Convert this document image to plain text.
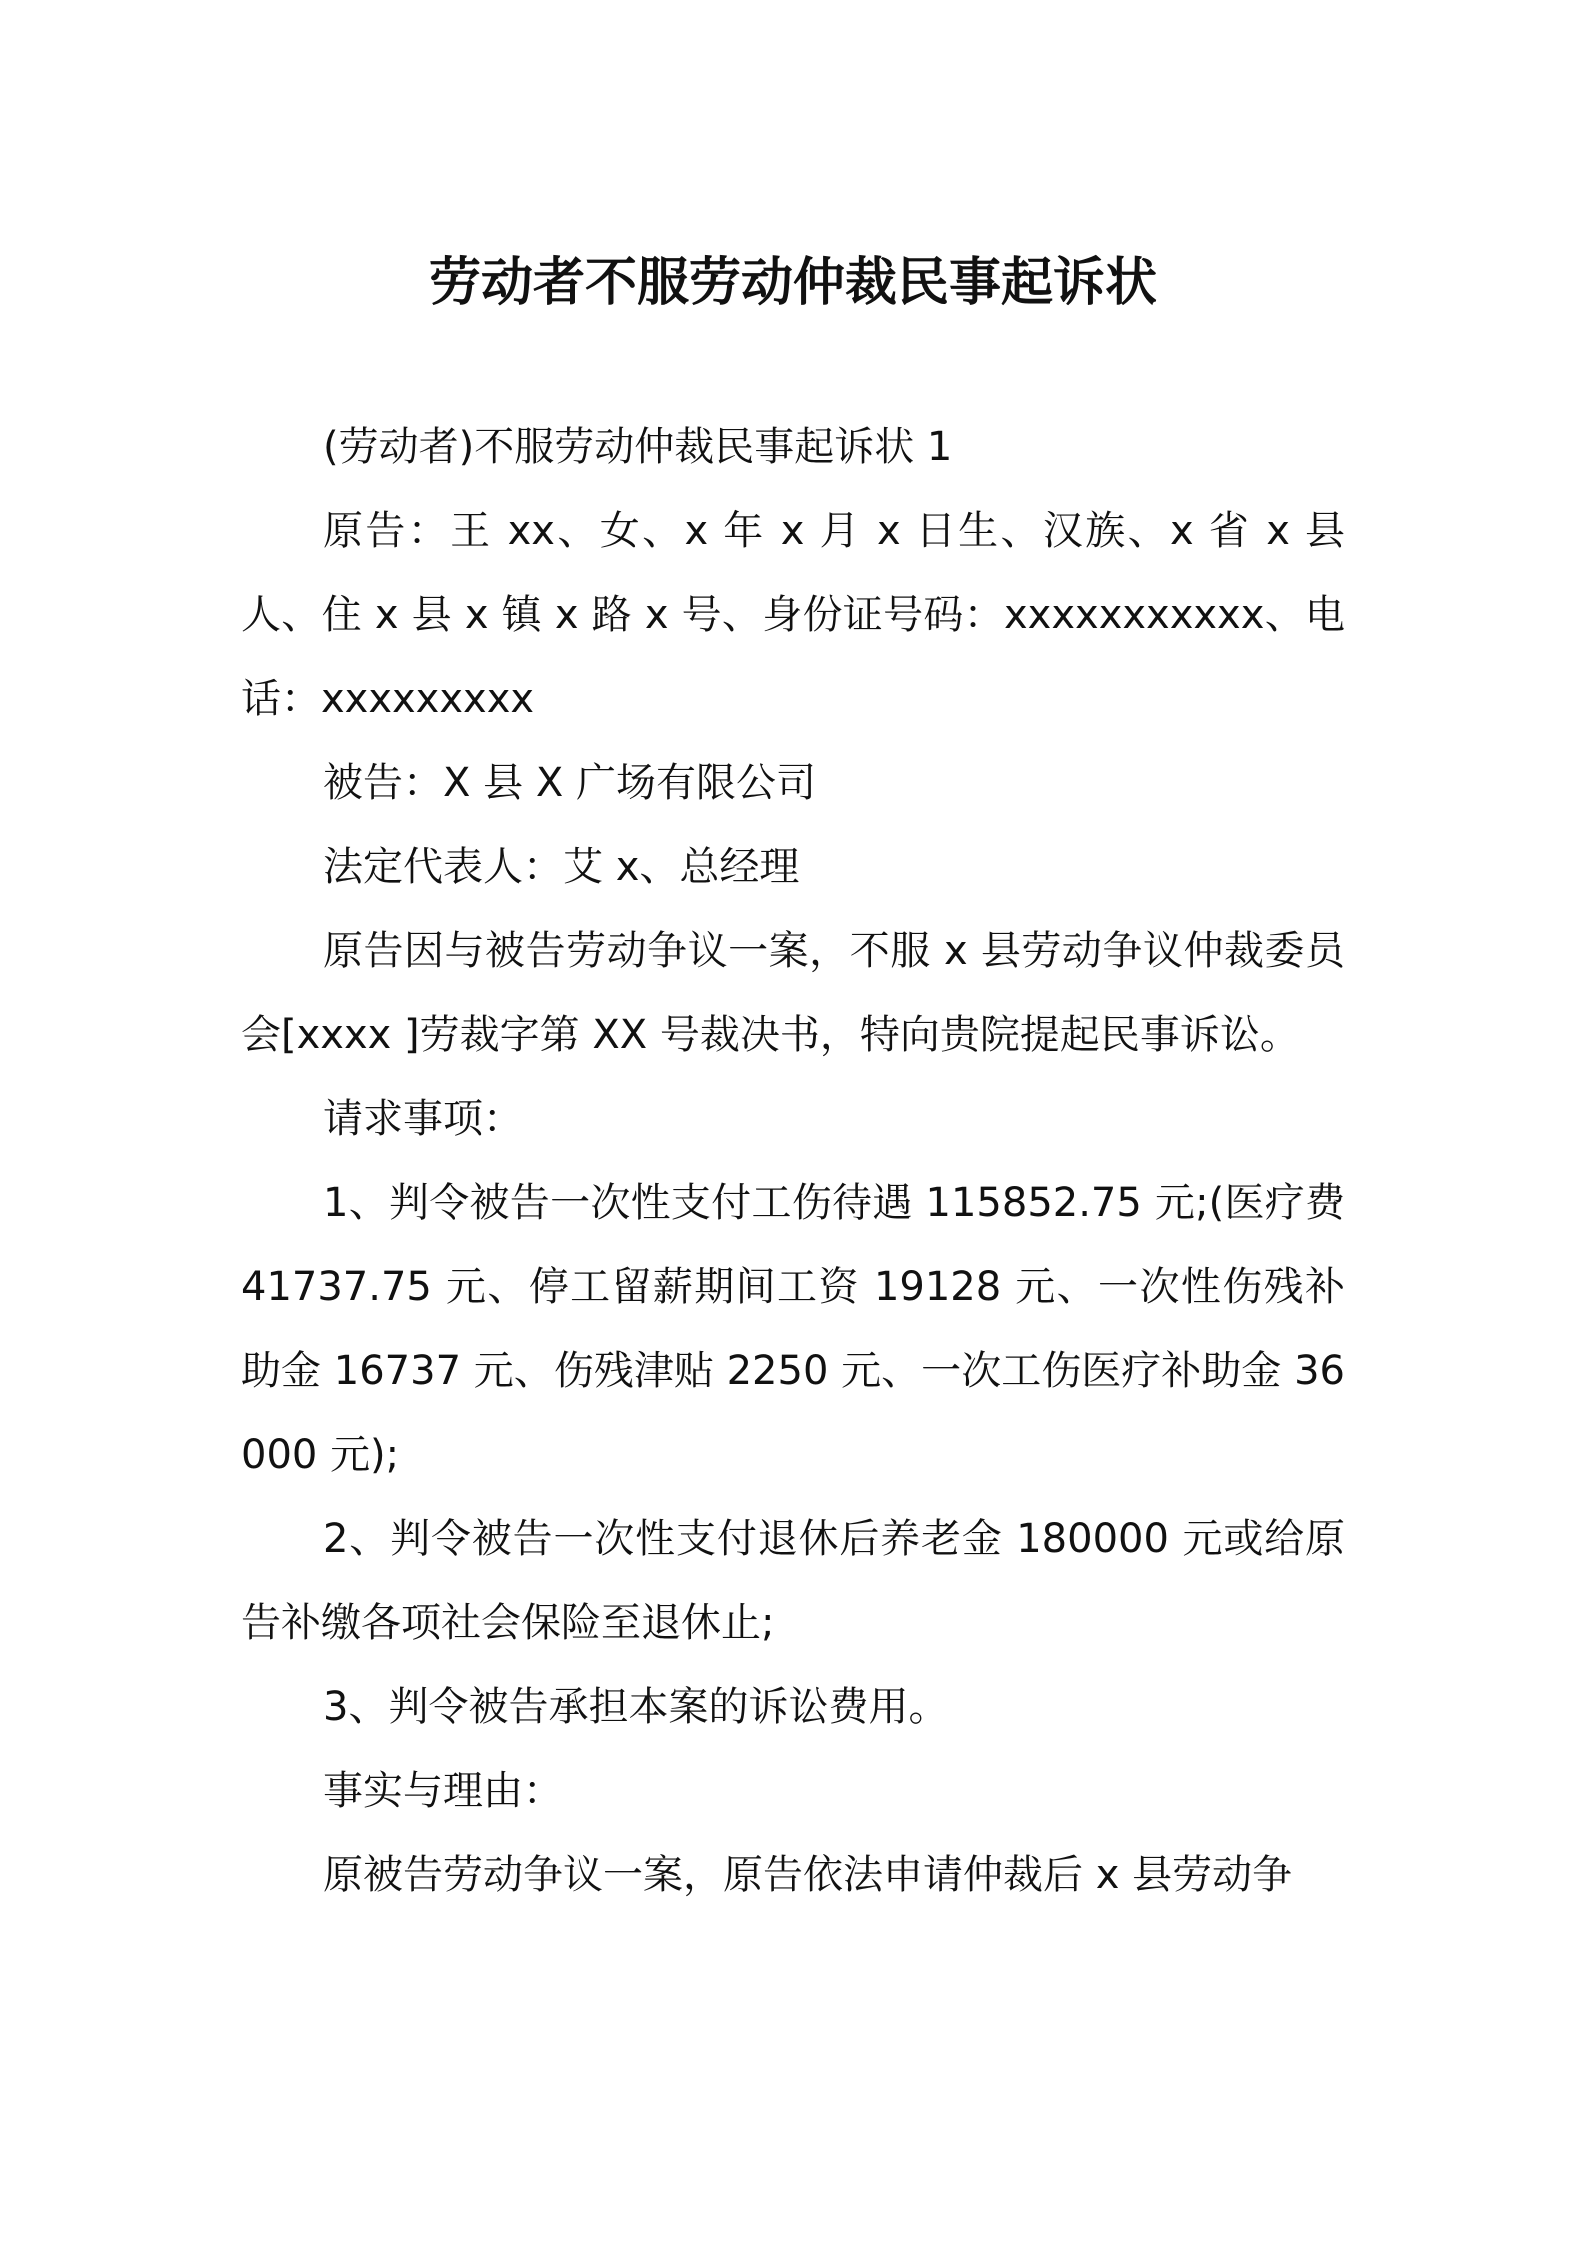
劳动者不服劳动仲裁民事起诉状

(劳动者)不服劳动仲裁民事起诉状 1

原告：王 xx、女、x 年 x 月 x 日生、汉族、x 省 x 县人、住 x 县 x 镇 x 路 x 号、身份证号码：xxxxxxxxxxx、电话：xxxxxxxxx

被告：X 县 X 广场有限公司

法定代表人：艾 x、总经理

原告因与被告劳动争议一案，不服 x 县劳动争议仲裁委员会[xxxx ]劳裁字第 XX 号裁决书，特向贵院提起民事诉讼。

请求事项：

1、判令被告一次性支付工伤待遇 115852.75 元;(医疗费 41737.75 元、停工留薪期间工资 19128 元、一次性伤残补助金 16737 元、伤残津贴 2250 元、一次工伤医疗补助金 36000 元);

2、判令被告一次性支付退休后养老金 180000 元或给原告补缴各项社会保险至退休止;

3、判令被告承担本案的诉讼费用。

事实与理由：

原被告劳动争议一案，原告依法申请仲裁后 x 县劳动争
